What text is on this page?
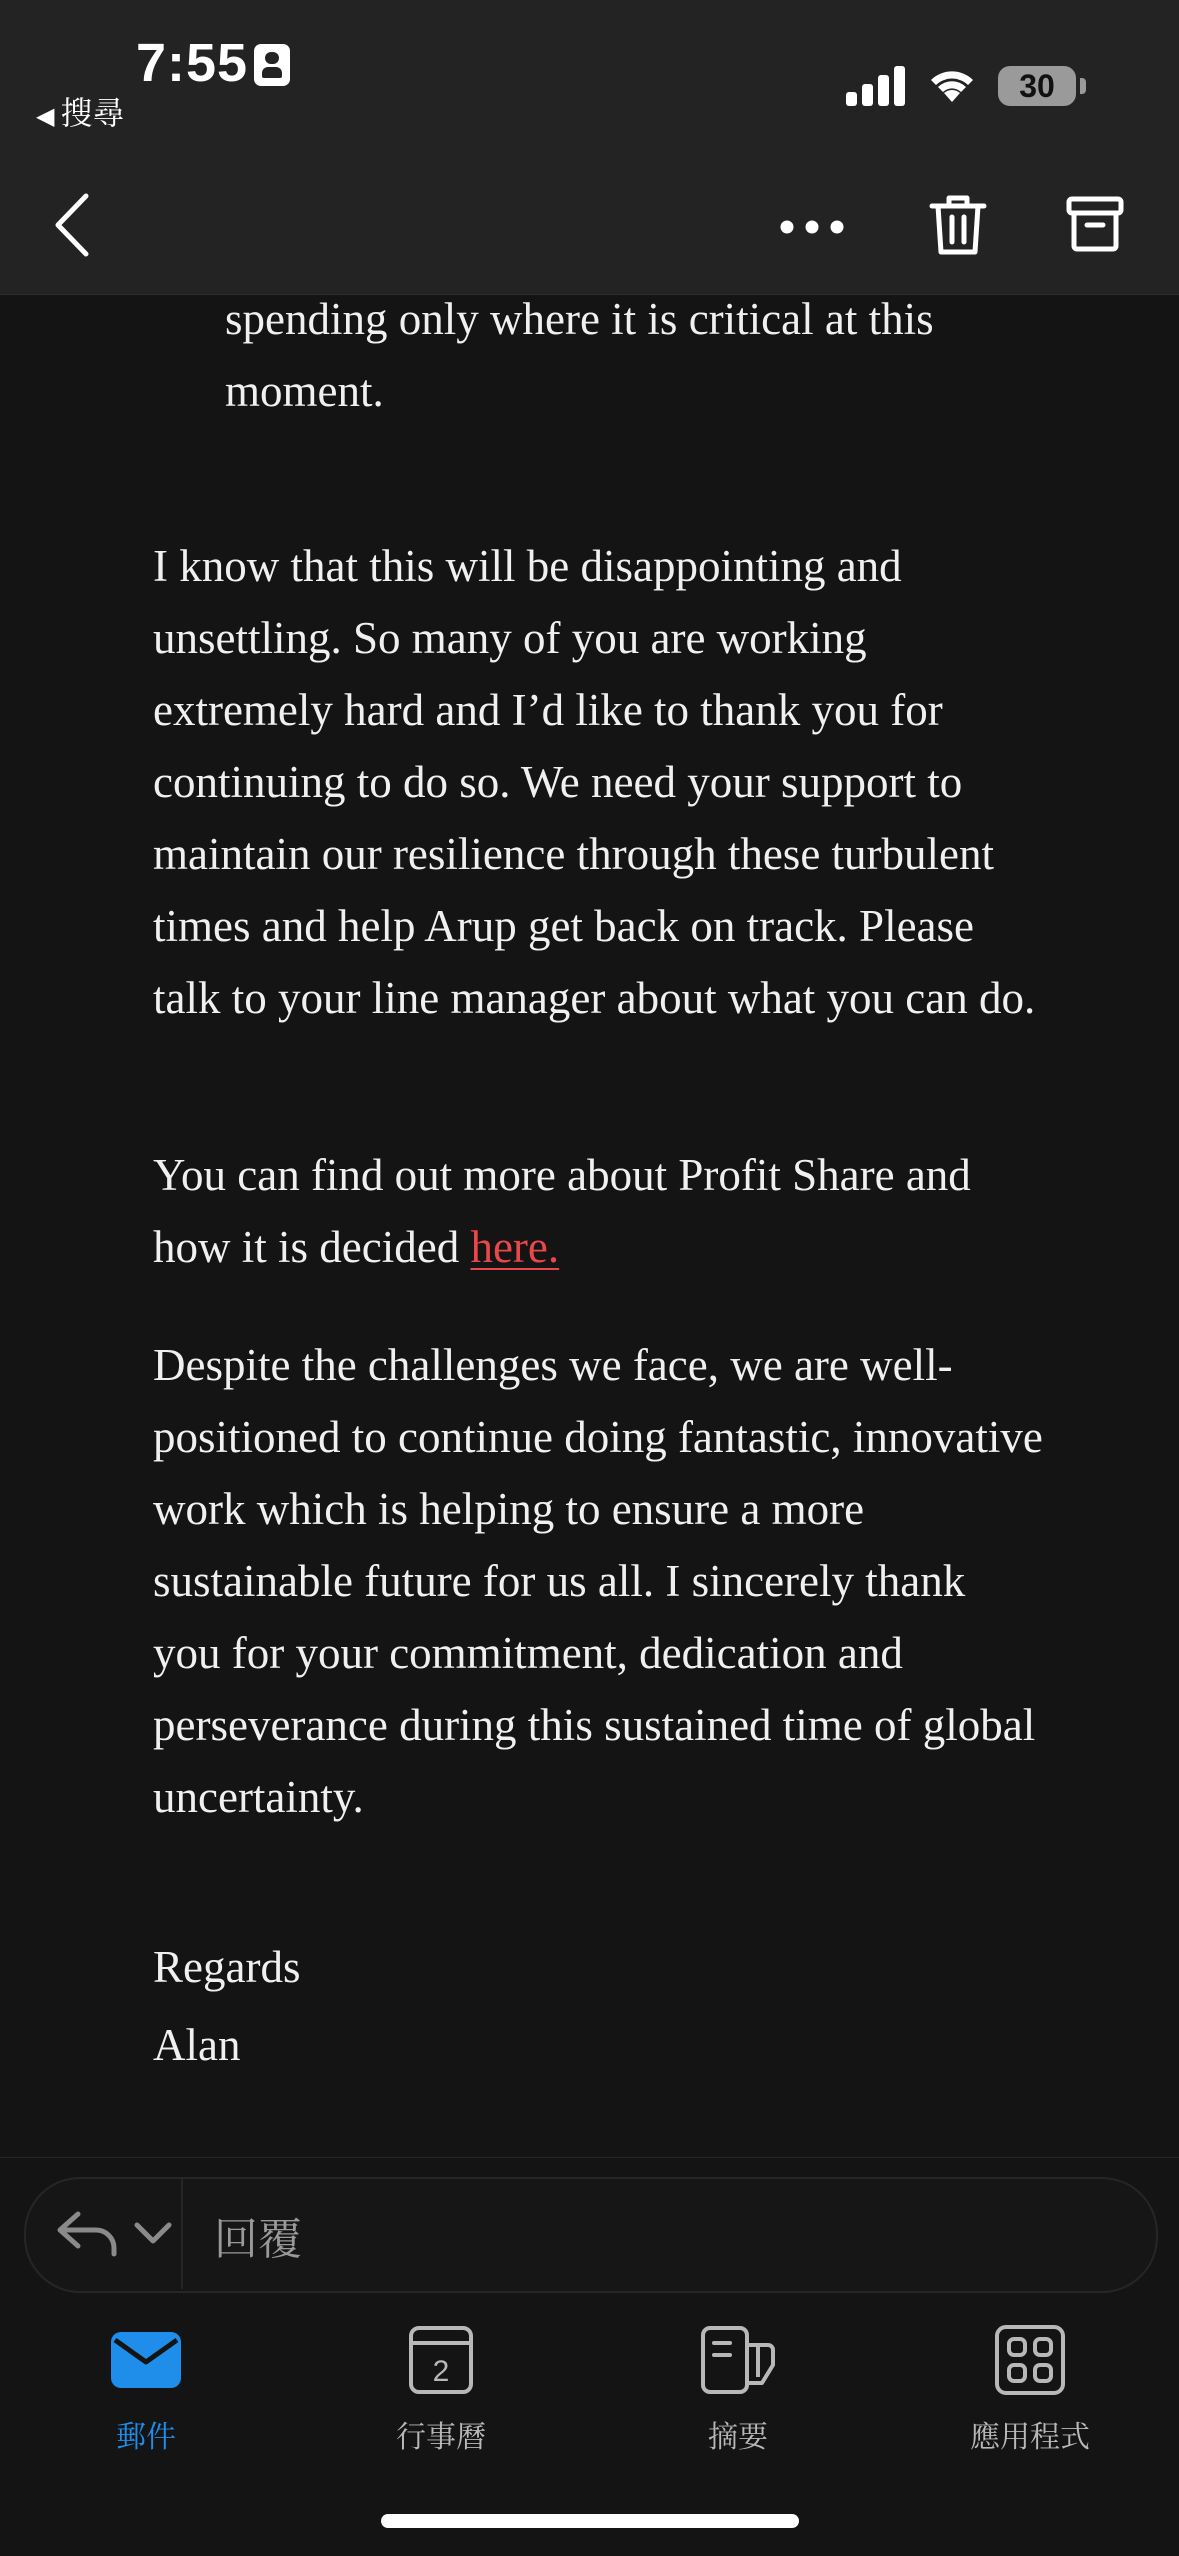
7:55
◀ 搜尋
30

spending only where it is critical at this moment.

I know that this will be disappointing and unsettling. So many of you are working extremely hard and I’d like to thank you for continuing to do so. We need your support to maintain our resilience through these turbulent times and help Arup get back on track. Please talk to your line manager about what you can do.

You can find out more about Profit Share and how it is decided here.

Despite the challenges we face, we are well-positioned to continue doing fantastic, innovative work which is helping to ensure a more sustainable future for us all. I sincerely thank you for your commitment, dedication and perseverance during this sustained time of global uncertainty.

Regards

Alan

回覆
郵件
2
行事曆	摘要	應用程式
